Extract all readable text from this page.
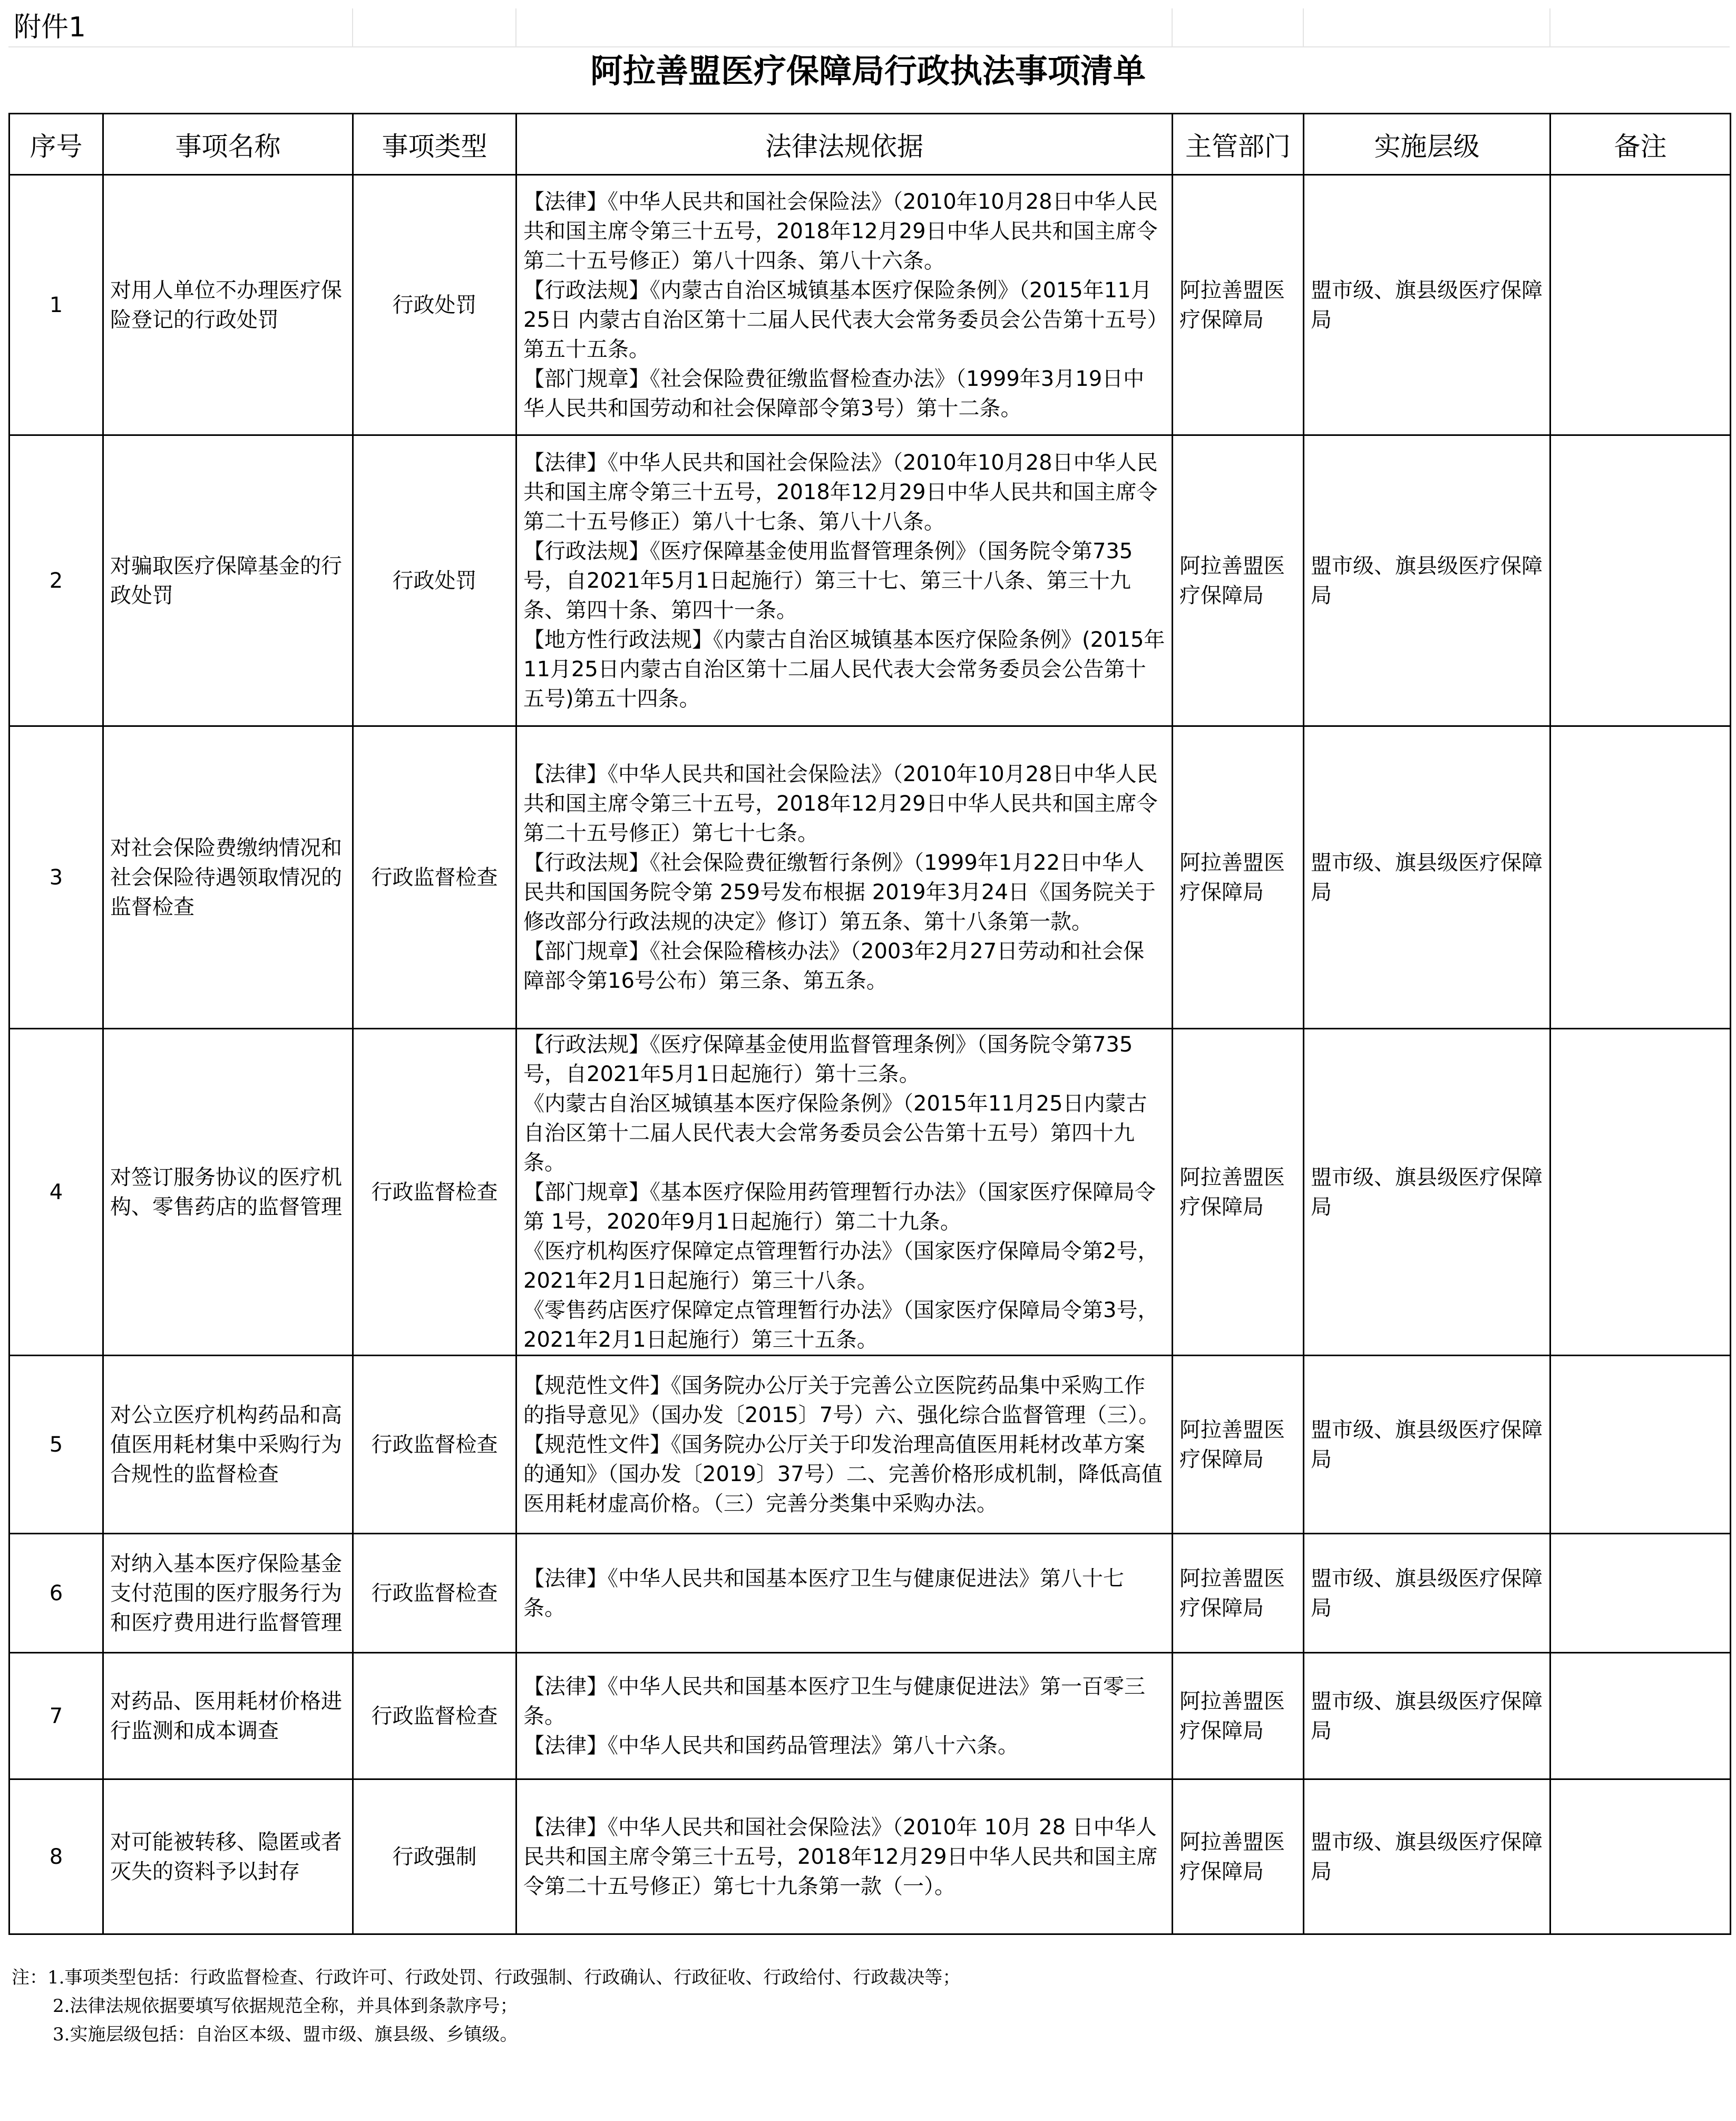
附件1
阿拉善盟医疗保障局行政执法事项清单
序号	事项名称	事项类型	法律法规依据	主管部门	实施层级	备注
1	对用人单位不办理医疗保险登记的行政处罚	行政处罚	【法律】《中华人民共和国社会保险法》（2010年10月28日中华人民共和国主席令第三十五号，2018年12月29日中华人民共和国主席令第二十五号修正）第八十四条、第八十六条。
【行政法规】《内蒙古自治区城镇基本医疗保险条例》（2015年11月25日 内蒙古自治区第十二届人民代表大会常务委员会公告第十五号）第五十五条。
【部门规章】《社会保险费征缴监督检查办法》（1999年3月19日中华人民共和国劳动和社会保障部令第3号）第十二条。	阿拉善盟医疗保障局	盟市级、旗县级医疗保障局	
2	对骗取医疗保障基金的行政处罚	行政处罚	【法律】《中华人民共和国社会保险法》（2010年10月28日中华人民共和国主席令第三十五号，2018年12月29日中华人民共和国主席令第二十五号修正）第八十七条、第八十八条。
【行政法规】《医疗保障基金使用监督管理条例》（国务院令第735号，自2021年5月1日起施行）第三十七、第三十八条、第三十九条、第四十条、第四十一条。
【地方性行政法规】《内蒙古自治区城镇基本医疗保险条例》(2015年11月25日内蒙古自治区第十二届人民代表大会常务委员会公告第十五号)第五十四条。	阿拉善盟医疗保障局	盟市级、旗县级医疗保障局	
3	对社会保险费缴纳情况和社会保险待遇领取情况的监督检查	行政监督检查	【法律】《中华人民共和国社会保险法》（2010年10月28日中华人民共和国主席令第三十五号，2018年12月29日中华人民共和国主席令第二十五号修正）第七十七条。
【行政法规】《社会保险费征缴暂行条例》（1999年1月22日中华人民共和国国务院令第 259号发布根据 2019年3月24日《国务院关于修改部分行政法规的决定》修订）第五条、第十八条第一款。
【部门规章】《社会保险稽核办法》（2003年2月27日劳动和社会保障部令第16号公布）第三条、第五条。	阿拉善盟医疗保障局	盟市级、旗县级医疗保障局	
4	对签订服务协议的医疗机构、零售药店的监督管理	行政监督检查	【行政法规】《医疗保障基金使用监督管理条例》（国务院令第735号，自2021年5月1日起施行）第十三条。
《内蒙古自治区城镇基本医疗保险条例》（2015年11月25日内蒙古自治区第十二届人民代表大会常务委员会公告第十五号）第四十九条。
【部门规章】《基本医疗保险用药管理暂行办法》（国家医疗保障局令第 1号，2020年9月1日起施行）第二十九条。
《医疗机构医疗保障定点管理暂行办法》（国家医疗保障局令第2号，2021年2月1日起施行）第三十八条。
《零售药店医疗保障定点管理暂行办法》（国家医疗保障局令第3号，2021年2月1日起施行）第三十五条。	阿拉善盟医疗保障局	盟市级、旗县级医疗保障局	
5	对公立医疗机构药品和高值医用耗材集中采购行为合规性的监督检查	行政监督检查	【规范性文件】《国务院办公厅关于完善公立医院药品集中采购工作的指导意见》（国办发〔2015〕7号）六、强化综合监督管理（三）。【规范性文件】《国务院办公厅关于印发治理高值医用耗材改革方案的通知》（国办发〔2019〕37号）二、完善价格形成机制，降低高值医用耗材虚高价格。（三）完善分类集中采购办法。	阿拉善盟医疗保障局	盟市级、旗县级医疗保障局	
6	对纳入基本医疗保险基金支付范围的医疗服务行为和医疗费用进行监督管理	行政监督检查	【法律】《中华人民共和国基本医疗卫生与健康促进法》第八十七条。	阿拉善盟医疗保障局	盟市级、旗县级医疗保障局	
7	对药品、医用耗材价格进行监测和成本调查	行政监督检查	【法律】《中华人民共和国基本医疗卫生与健康促进法》第一百零三条。
【法律】《中华人民共和国药品管理法》第八十六条。	阿拉善盟医疗保障局	盟市级、旗县级医疗保障局	
8	对可能被转移、隐匿或者灭失的资料予以封存	行政强制	【法律】《中华人民共和国社会保险法》（2010年 10月 28 日中华人民共和国主席令第三十五号，2018年12月29日中华人民共和国主席令第二十五号修正）第七十九条第一款（一）。	阿拉善盟医疗保障局	盟市级、旗县级医疗保障局	
注：1.事项类型包括：行政监督检查、行政许可、行政处罚、行政强制、行政确认、行政征收、行政给付、行政裁决等；
2.法律法规依据要填写依据规范全称，并具体到条款序号；
3.实施层级包括：自治区本级、盟市级、旗县级、乡镇级。
